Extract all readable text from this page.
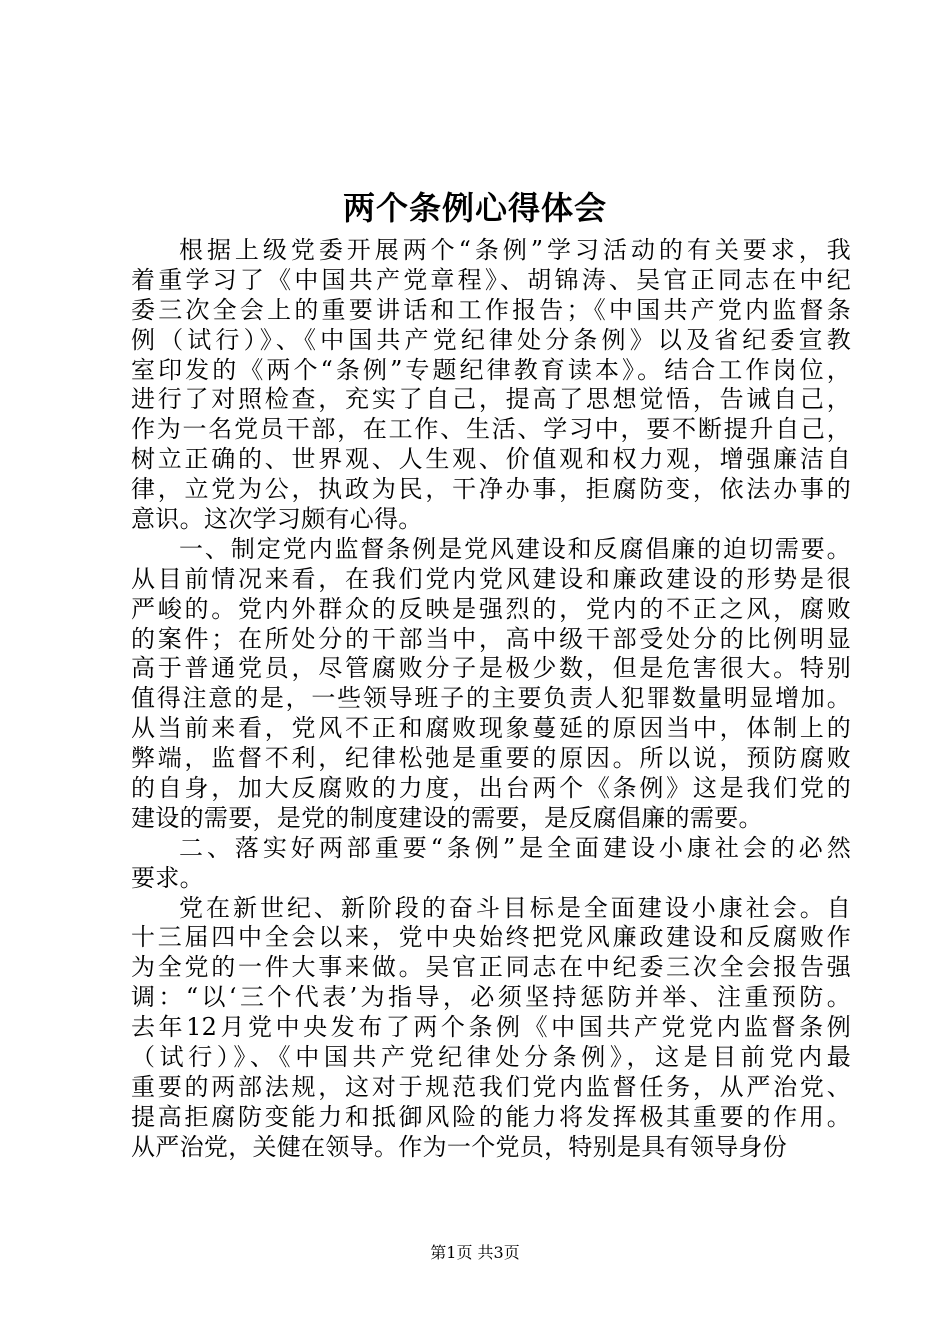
两个条例心得体会
根据上级党委开展两个“条例”学习活动的有关要求，我
着重学习了《中国共产党章程》、胡锦涛、吴官正同志在中纪
委三次全会上的重要讲话和工作报告；《中国共产党内监督条
例（试行）》、《中国共产党纪律处分条例》以及省纪委宣教
室印发的《两个“条例”专题纪律教育读本》。结合工作岗位，
进行了对照检查，充实了自己，提高了思想觉悟，告诫自己，
作为一名党员干部，在工作、生活、学习中，要不断提升自己，
树立正确的、世界观、人生观、价值观和权力观，增强廉洁自
律，立党为公，执政为民，干净办事，拒腐防变，依法办事的
意识。这次学习颇有心得。
一、制定党内监督条例是党风建设和反腐倡廉的迫切需要。
从目前情况来看，在我们党内党风建设和廉政建设的形势是很
严峻的。党内外群众的反映是强烈的，党内的不正之风，腐败
的案件；在所处分的干部当中，高中级干部受处分的比例明显
高于普通党员，尽管腐败分子是极少数，但是危害很大。特别
值得注意的是，一些领导班子的主要负责人犯罪数量明显增加。
从当前来看，党风不正和腐败现象蔓延的原因当中，体制上的
弊端，监督不利，纪律松弛是重要的原因。所以说，预防腐败
的自身，加大反腐败的力度，出台两个《条例》这是我们党的
建设的需要，是党的制度建设的需要，是反腐倡廉的需要。
二、落实好两部重要“条例”是全面建设小康社会的必然
要求。
党在新世纪、新阶段的奋斗目标是全面建设小康社会。自
十三届四中全会以来，党中央始终把党风廉政建设和反腐败作
为全党的一件大事来做。吴官正同志在中纪委三次全会报告强
调：“以‘三个代表’为指导，必须坚持惩防并举、注重预防。
去年12月党中央发布了两个条例《中国共产党党内监督条例
（试行）》、《中国共产党纪律处分条例》，这是目前党内最
重要的两部法规，这对于规范我们党内监督任务，从严治党、
提高拒腐防变能力和抵御风险的能力将发挥极其重要的作用。
从严治党，关健在领导。作为一个党员，特别是具有领导身份
第1页 共3页
